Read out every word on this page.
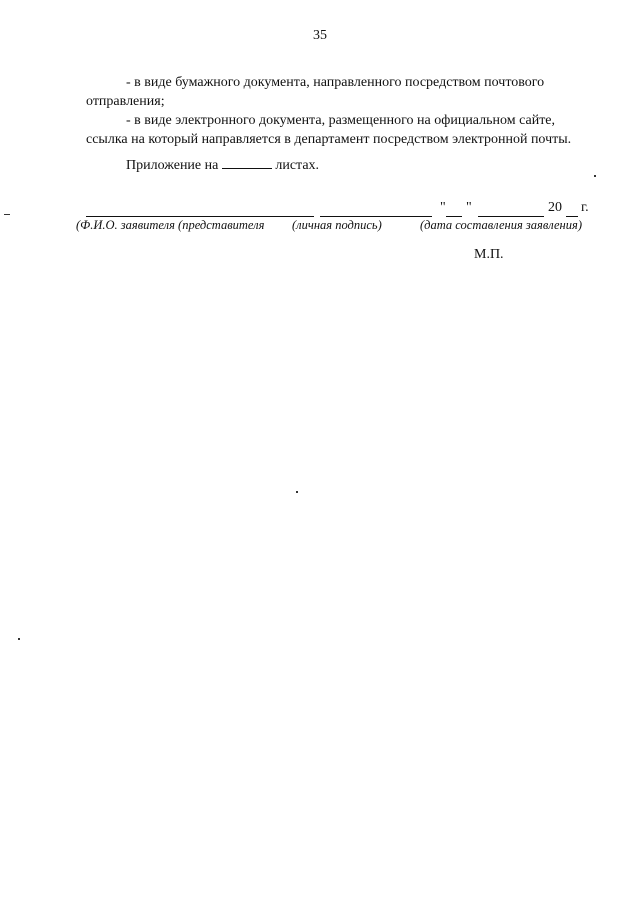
35
- в виде бумажного документа, направленного посредством почтового
отправления;
- в виде электронного документа, размещенного на официальном сайте,
ссылка на который направляется в департамент посредством электронной почты.
Приложение на	листах.
" "	20 г.
(Ф.И.О. заявителя (представителя (личная подпись)	(дата составления заявления)
М.П.
